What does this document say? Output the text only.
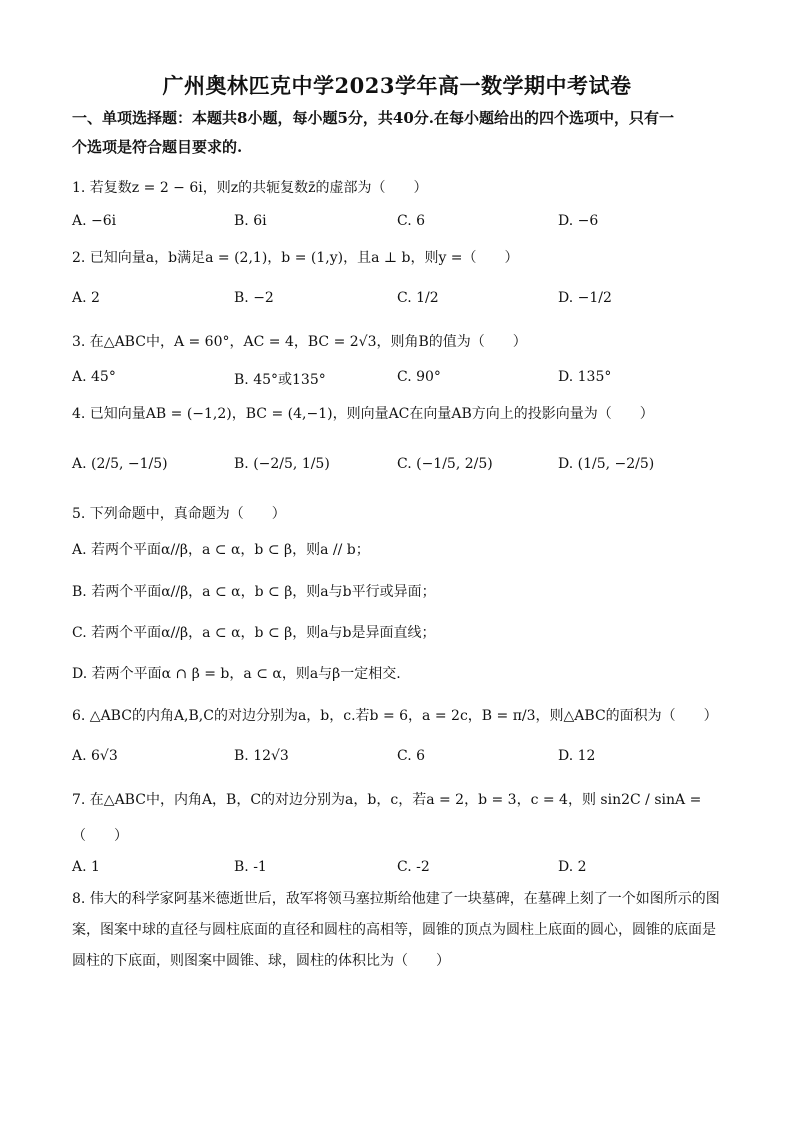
广州奥林匹克中学2023学年高一数学期中考试卷
一、单项选择题：本题共8小题，每小题5分，共40分.在每小题给出的四个选项中，只有一
个选项是符合题目要求的.
1. 若复数z = 2 − 6i，则z的共轭复数z̄的虚部为（　　）
A. −6i	B. 6i	C. 6	D. −6
2. 已知向量a，b满足a = (2,1)，b = (1,y)，且a ⊥ b，则y =（　　）
A. 2	B. −2	C. 1/2	D. −1/2
3. 在△ABC中，A = 60°，AC = 4，BC = 2√3，则角B的值为（　　）
A. 45°	B. 45°或135°	C. 90°	D. 135°
4. 已知向量AB = (−1,2)，BC = (4,−1)，则向量AC在向量AB方向上的投影向量为（　　）
A. (2/5, −1/5)	B. (−2/5, 1/5)	C. (−1/5, 2/5)	D. (1/5, −2/5)
5. 下列命题中，真命题为（　　）
A. 若两个平面α//β，a ⊂ α，b ⊂ β，则a // b；
B. 若两个平面α//β，a ⊂ α，b ⊂ β，则a与b平行或异面；
C. 若两个平面α//β，a ⊂ α，b ⊂ β，则a与b是异面直线；
D. 若两个平面α ∩ β = b，a ⊂ α，则a与β一定相交.
6. △ABC的内角A,B,C的对边分别为a，b，c.若b = 6，a = 2c，B = π/3，则△ABC的面积为（　　）
A. 6√3	B. 12√3	C. 6	D. 12
7. 在△ABC中，内角A，B，C的对边分别为a，b，c，若a = 2，b = 3，c = 4，则 sin2C / sinA =
（　　）
A. 1	B. -1	C. -2	D. 2
8. 伟大的科学家阿基米德逝世后，敌军将领马塞拉斯给他建了一块墓碑，在墓碑上刻了一个如图所示的图
案，图案中球的直径与圆柱底面的直径和圆柱的高相等，圆锥的顶点为圆柱上底面的圆心，圆锥的底面是
圆柱的下底面，则图案中圆锥、球，圆柱的体积比为（　　）
